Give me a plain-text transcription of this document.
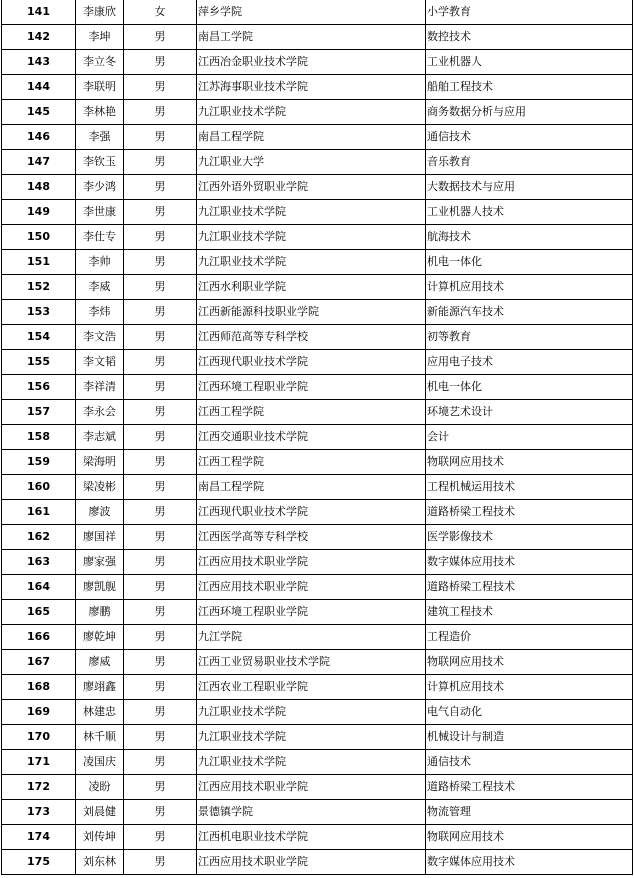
141	李康欣	女	萍乡学院	小学教育
142	李坤	男	南昌工学院	数控技术
143	李立冬	男	江西冶金职业技术学院	工业机器人
144	李联明	男	江苏海事职业技术学院	船舶工程技术
145	李林艳	男	九江职业技术学院	商务数据分析与应用
146	李强	男	南昌工程学院	通信技术
147	李钦玉	男	九江职业大学	音乐教育
148	李少鸿	男	江西外语外贸职业学院	大数据技术与应用
149	李世康	男	九江职业技术学院	工业机器人技术
150	李仕专	男	九江职业技术学院	航海技术
151	李帅	男	九江职业技术学院	机电一体化
152	李威	男	江西水利职业学院	计算机应用技术
153	李炜	男	江西新能源科技职业学院	新能源汽车技术
154	李文浩	男	江西师范高等专科学校	初等教育
155	李文韬	男	江西现代职业技术学院	应用电子技术
156	李祥清	男	江西环境工程职业学院	机电一体化
157	李永会	男	江西工程学院	环境艺术设计
158	李志斌	男	江西交通职业技术学院	会计
159	梁海明	男	江西工程学院	物联网应用技术
160	梁凌彬	男	南昌工程学院	工程机械运用技术
161	廖波	男	江西现代职业技术学院	道路桥梁工程技术
162	廖国祥	男	江西医学高等专科学校	医学影像技术
163	廖家强	男	江西应用技术职业学院	数字媒体应用技术
164	廖凯舰	男	江西应用技术职业学院	道路桥梁工程技术
165	廖鹏	男	江西环境工程职业学院	建筑工程技术
166	廖乾坤	男	九江学院	工程造价
167	廖威	男	江西工业贸易职业技术学院	物联网应用技术
168	廖翊鑫	男	江西农业工程职业学院	计算机应用技术
169	林建忠	男	九江职业技术学院	电气自动化
170	林千顺	男	九江职业技术学院	机械设计与制造
171	凌国庆	男	九江职业技术学院	通信技术
172	凌盼	男	江西应用技术职业学院	道路桥梁工程技术
173	刘晨健	男	景德镇学院	物流管理
174	刘传坤	男	江西机电职业技术学院	物联网应用技术
175	刘东林	男	江西应用技术职业学院	数字媒体应用技术
